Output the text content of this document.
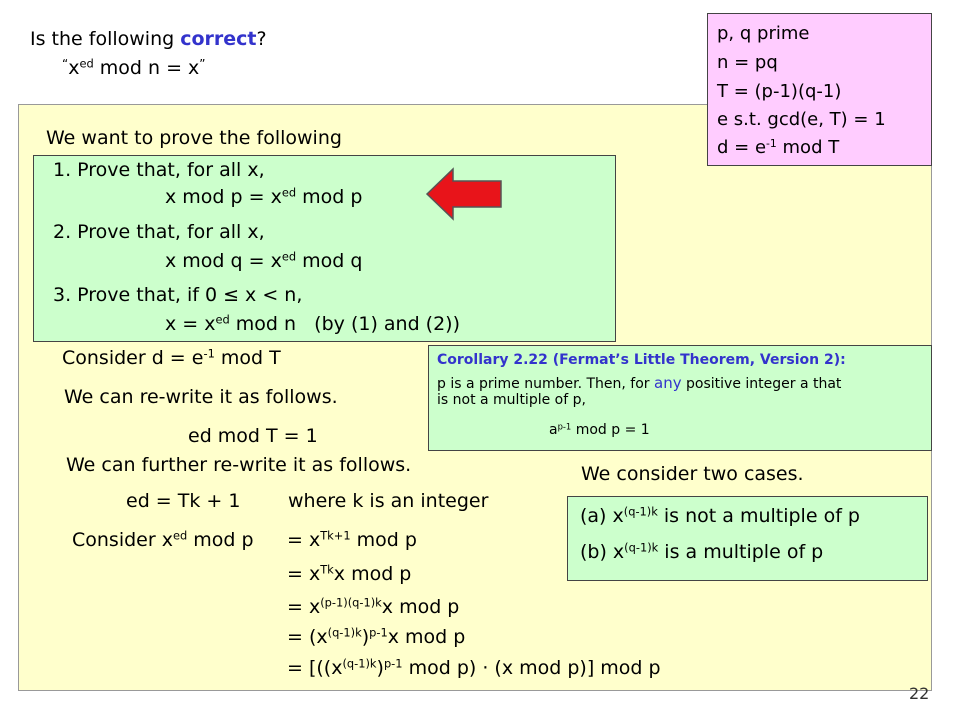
Is the following correct?
$^“x^{ed}$ mod n = x”
p, q prime
n = pq
T = (p-1)(q-1)
e s.t. gcd(e, T) = 1
$d = e^{-1}$ mod T
We want to prove the following
1. Prove that, for all x,
x mod $p = x^{ed}$ mod p
2. Prove that, for all x,
x mod $q = x^{ed}$ mod q
3. Prove that, if 0 ≤ x < n,
$x = x^{ed}$ mod n   (by (1) and (2))
Consider $d = e^{-1}$ mod T
We can re-write it as follows.
ed mod T = 1
We can further re-write it as follows.
ed = Tk + 1	where k is an integer
Consider $x^{ed}$ mod $p = x^{Tk+1}$ mod p
= $x^{Tk}x$ mod p
= $x^{(p-1)(q-1)k}x$ mod p
= $(x^{(q-1)k})^{p-1}x$ mod p
= [($(x^{(q-1)k})^{p-1}$ mod p) · (x mod p)] mod p
Corollary 2.22 (Fermat’s Little Theorem, Version 2):
p is a prime number. Then, for any positive integer a that
is not a multiple of p,
$a^{p-1}$ mod p = 1
We consider two cases.
(a) $x^{(q-1)k}$ is not a multiple of p
(b) $x^{(q-1)k}$ is a multiple of p
22
